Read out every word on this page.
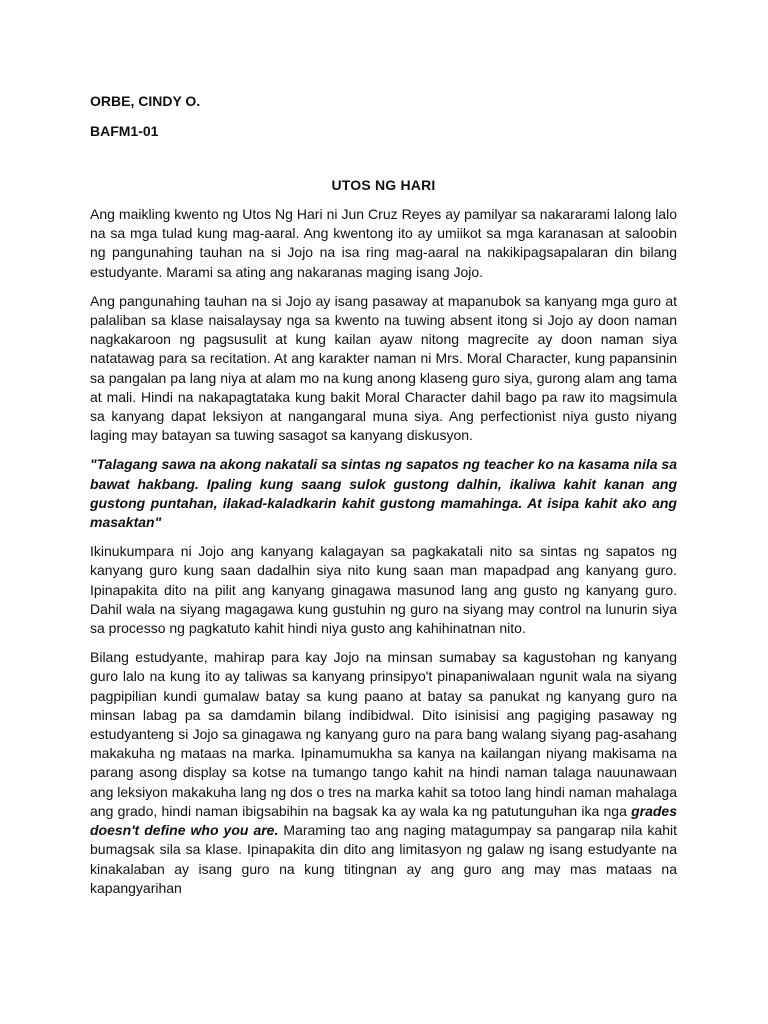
ORBE, CINDY O.

BAFM1-01

UTOS NG HARI

Ang maikling kwento ng Utos Ng Hari ni Jun Cruz Reyes ay pamilyar sa nakararami lalong lalo na sa mga tulad kung mag-aaral. Ang kwentong ito ay umiikot sa mga karanasan at saloobin ng pangunahing tauhan na si Jojo na isa ring mag-aaral na nakikipagsapalaran din bilang estudyante. Marami sa ating ang nakaranas maging isang Jojo.

Ang pangunahing tauhan na si Jojo ay isang pasaway at mapanubok sa kanyang mga guro at palaliban sa klase naisalaysay nga sa kwento na tuwing absent itong si Jojo ay doon naman nagkakaroon ng pagsusulit at kung kailan ayaw nitong magrecite ay doon naman siya natatawag para sa recitation. At ang karakter naman ni Mrs. Moral Character, kung papansinin sa pangalan pa lang niya at alam mo na kung anong klaseng guro siya, gurong alam ang tama at mali. Hindi na nakapagtataka kung bakit Moral Character dahil bago pa raw ito magsimula sa kanyang dapat leksiyon at nangangaral muna siya. Ang perfectionist niya gusto niyang laging may batayan sa tuwing sasagot sa kanyang diskusyon.

"Talagang sawa na akong nakatali sa sintas ng sapatos ng teacher ko na kasama nila sa bawat hakbang. Ipaling kung saang sulok gustong dalhin, ikaliwa kahit kanan ang gustong puntahan, ilakad-kaladkarin kahit gustong mamahinga. At isipa kahit ako ang masaktan"

Ikinukumpara ni Jojo ang kanyang kalagayan sa pagkakatali nito sa sintas ng sapatos ng kanyang guro kung saan dadalhin siya nito kung saan man mapadpad ang kanyang guro. Ipinapakita dito na pilit ang kanyang ginagawa masunod lang ang gusto ng kanyang guro. Dahil wala na siyang magagawa kung gustuhin ng guro na siyang may control na lunurin siya sa processo ng pagkatuto kahit hindi niya gusto ang kahihinatnan nito.

Bilang estudyante, mahirap para kay Jojo na minsan sumabay sa kagustohan ng kanyang guro lalo na kung ito ay taliwas sa kanyang prinsipyo't pinapaniwalaan ngunit wala na siyang pagpipilian kundi gumalaw batay sa kung paano at batay sa panukat ng kanyang guro na minsan labag pa sa damdamin bilang indibidwal. Dito isinisisi ang pagiging pasaway ng estudyanteng si Jojo sa ginagawa ng kanyang guro na para bang walang siyang pag-asahang makakuha ng mataas na marka. Ipinamumukha sa kanya na kailangan niyang makisama na parang asong display sa kotse na tumango tango kahit na hindi naman talaga nauunawaan ang leksiyon makakuha lang ng dos o tres na marka kahit sa totoo lang hindi naman mahalaga ang grado, hindi naman ibigsabihin na bagsak ka ay wala ka ng patutunguhan ika nga grades doesn't define who you are. Maraming tao ang naging matagumpay sa pangarap nila kahit bumagsak sila sa klase. Ipinapakita din dito ang limitasyon ng galaw ng isang estudyante na kinakalaban ay isang guro na kung titingnan ay ang guro ang may mas mataas na kapangyarihan
